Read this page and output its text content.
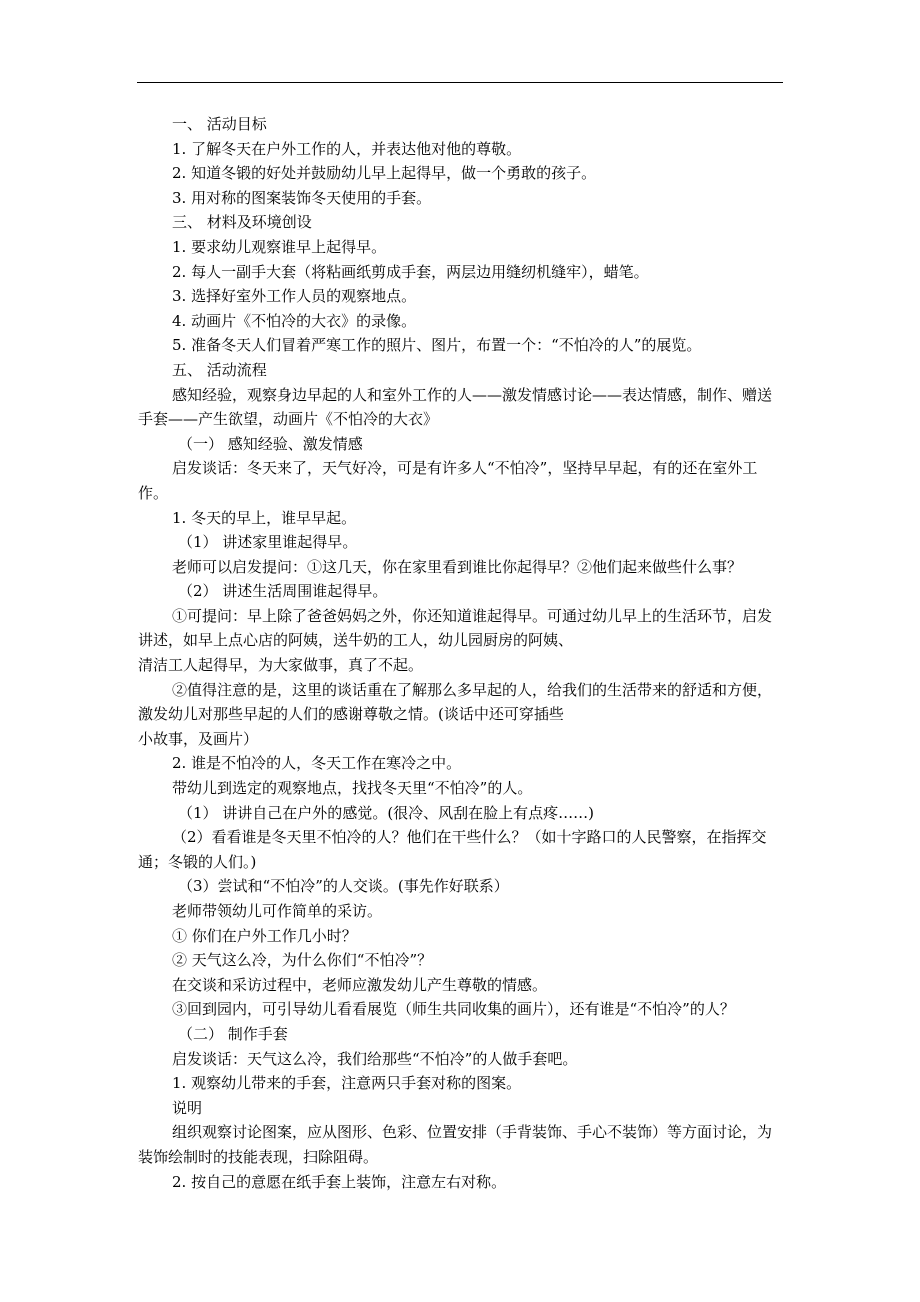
一、 活动目标
1. 了解冬天在户外工作的人，并表达他对他的尊敬。
2. 知道冬锻的好处并鼓励幼儿早上起得早，做一个勇敢的孩子。
3. 用对称的图案装饰冬天使用的手套。
三、 材料及环境创设
1. 要求幼儿观察谁早上起得早。
2. 每人一副手大套（将粘画纸剪成手套，两层边用缝纫机缝牢），蜡笔。
3. 选择好室外工作人员的观察地点。
4. 动画片《不怕冷的大衣》的录像。
5. 准备冬天人们冒着严寒工作的照片、图片，布置一个：“不怕冷的人”的展览。
五、 活动流程
感知经验，观察身边早起的人和室外工作的人——激发情感讨论——表达情感，制作、赠送手套——产生欲望，动画片《不怕冷的大衣》
（一） 感知经验、激发情感
启发谈话：冬天来了，天气好冷，可是有许多人“不怕冷”，坚持早早起，有的还在室外工作。
1. 冬天的早上，谁早早起。
（1） 讲述家里谁起得早。
老师可以启发提问：①这几天，你在家里看到谁比你起得早？②他们起来做些什么事？
（2） 讲述生活周围谁起得早。
①可提问：早上除了爸爸妈妈之外，你还知道谁起得早。可通过幼儿早上的生活环节，启发讲述，如早上点心店的阿姨，送牛奶的工人，幼儿园厨房的阿姨、
清洁工人起得早，为大家做事，真了不起。
②值得注意的是，这里的谈话重在了解那么多早起的人，给我们的生活带来的舒适和方便，激发幼儿对那些早起的人们的感谢尊敬之情。(谈话中还可穿插些
小故事，及画片）
2. 谁是不怕冷的人，冬天工作在寒冷之中。
带幼儿到选定的观察地点，找找冬天里“不怕冷”的人。
（1） 讲讲自己在户外的感觉。(很冷、风刮在脸上有点疼……)
（2）看看谁是冬天里不怕冷的人？他们在干些什么？（如十字路口的人民警察，在指挥交通；冬锻的人们。)
（3）尝试和“不怕冷”的人交谈。(事先作好联系）
老师带领幼儿可作简单的采访。
① 你们在户外工作几小时？
② 天气这么冷，为什么你们“不怕冷”？
在交谈和采访过程中，老师应激发幼儿产生尊敬的情感。
③回到园内，可引导幼儿看看展览（师生共同收集的画片），还有谁是“不怕冷”的人？
（二） 制作手套
启发谈话：天气这么冷，我们给那些“不怕冷”的人做手套吧。
1. 观察幼儿带来的手套，注意两只手套对称的图案。
说明
组织观察讨论图案，应从图形、色彩、位置安排（手背装饰、手心不装饰）等方面讨论，为装饰绘制时的技能表现，扫除阻碍。
2. 按自己的意愿在纸手套上装饰，注意左右对称。
